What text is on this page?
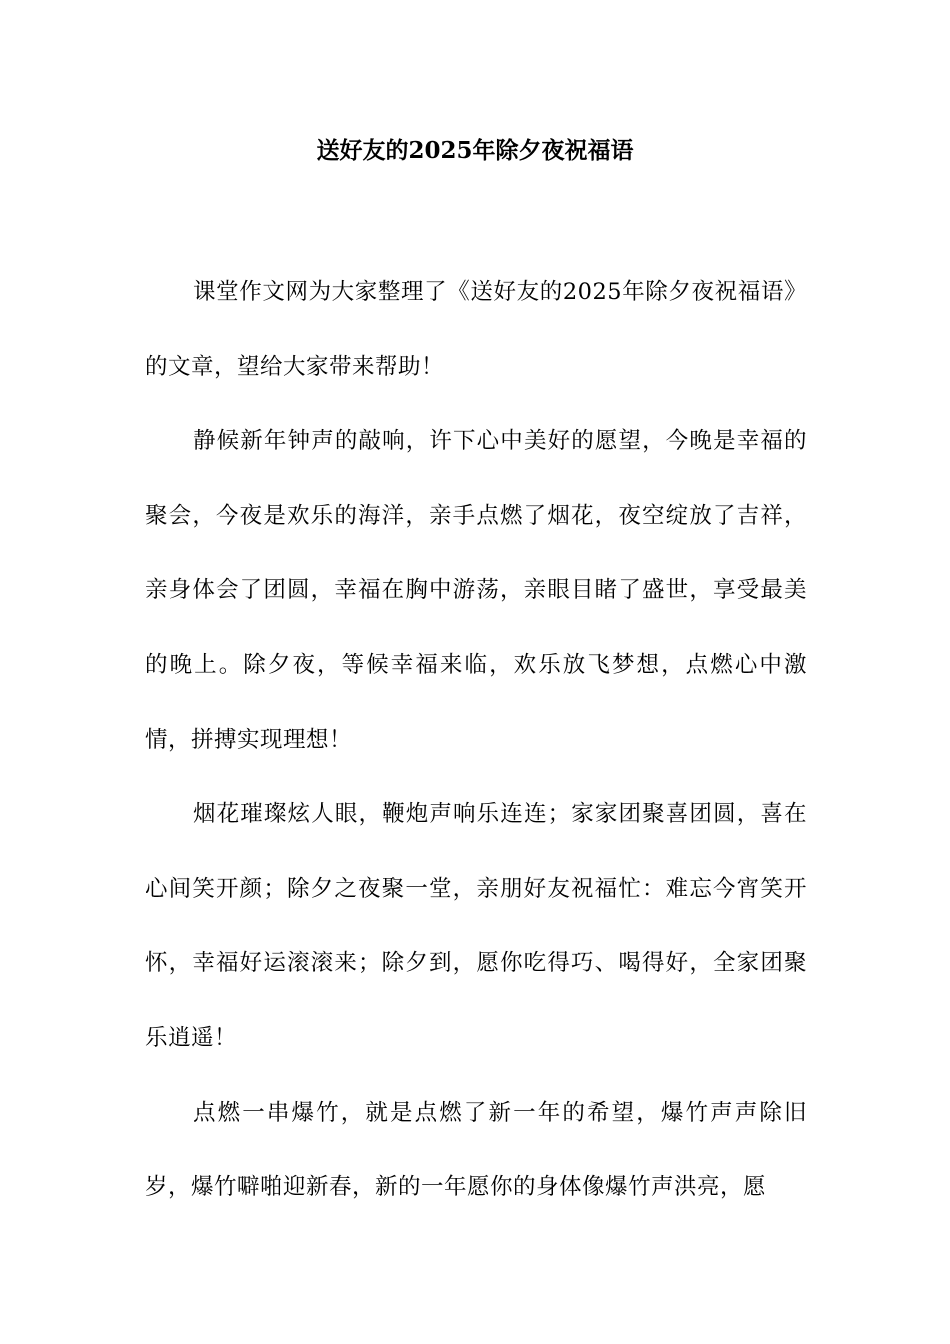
送好友的2025年除夕夜祝福语

课堂作文网为大家整理了《送好友的2025年除夕夜祝福语》的文章，望给大家带来帮助！

静候新年钟声的敲响，许下心中美好的愿望，今晚是幸福的聚会，今夜是欢乐的海洋，亲手点燃了烟花，夜空绽放了吉祥，亲身体会了团圆，幸福在胸中游荡，亲眼目睹了盛世，享受最美的晚上。除夕夜，等候幸福来临，欢乐放飞梦想，点燃心中激情，拼搏实现理想！

烟花璀璨炫人眼，鞭炮声响乐连连；家家团聚喜团圆，喜在心间笑开颜；除夕之夜聚一堂，亲朋好友祝福忙：难忘今宵笑开怀，幸福好运滚滚来；除夕到，愿你吃得巧、喝得好，全家团聚乐逍遥！

点燃一串爆竹，就是点燃了新一年的希望，爆竹声声除旧岁，爆竹噼啪迎新春，新的一年愿你的身体像爆竹声洪亮，愿
